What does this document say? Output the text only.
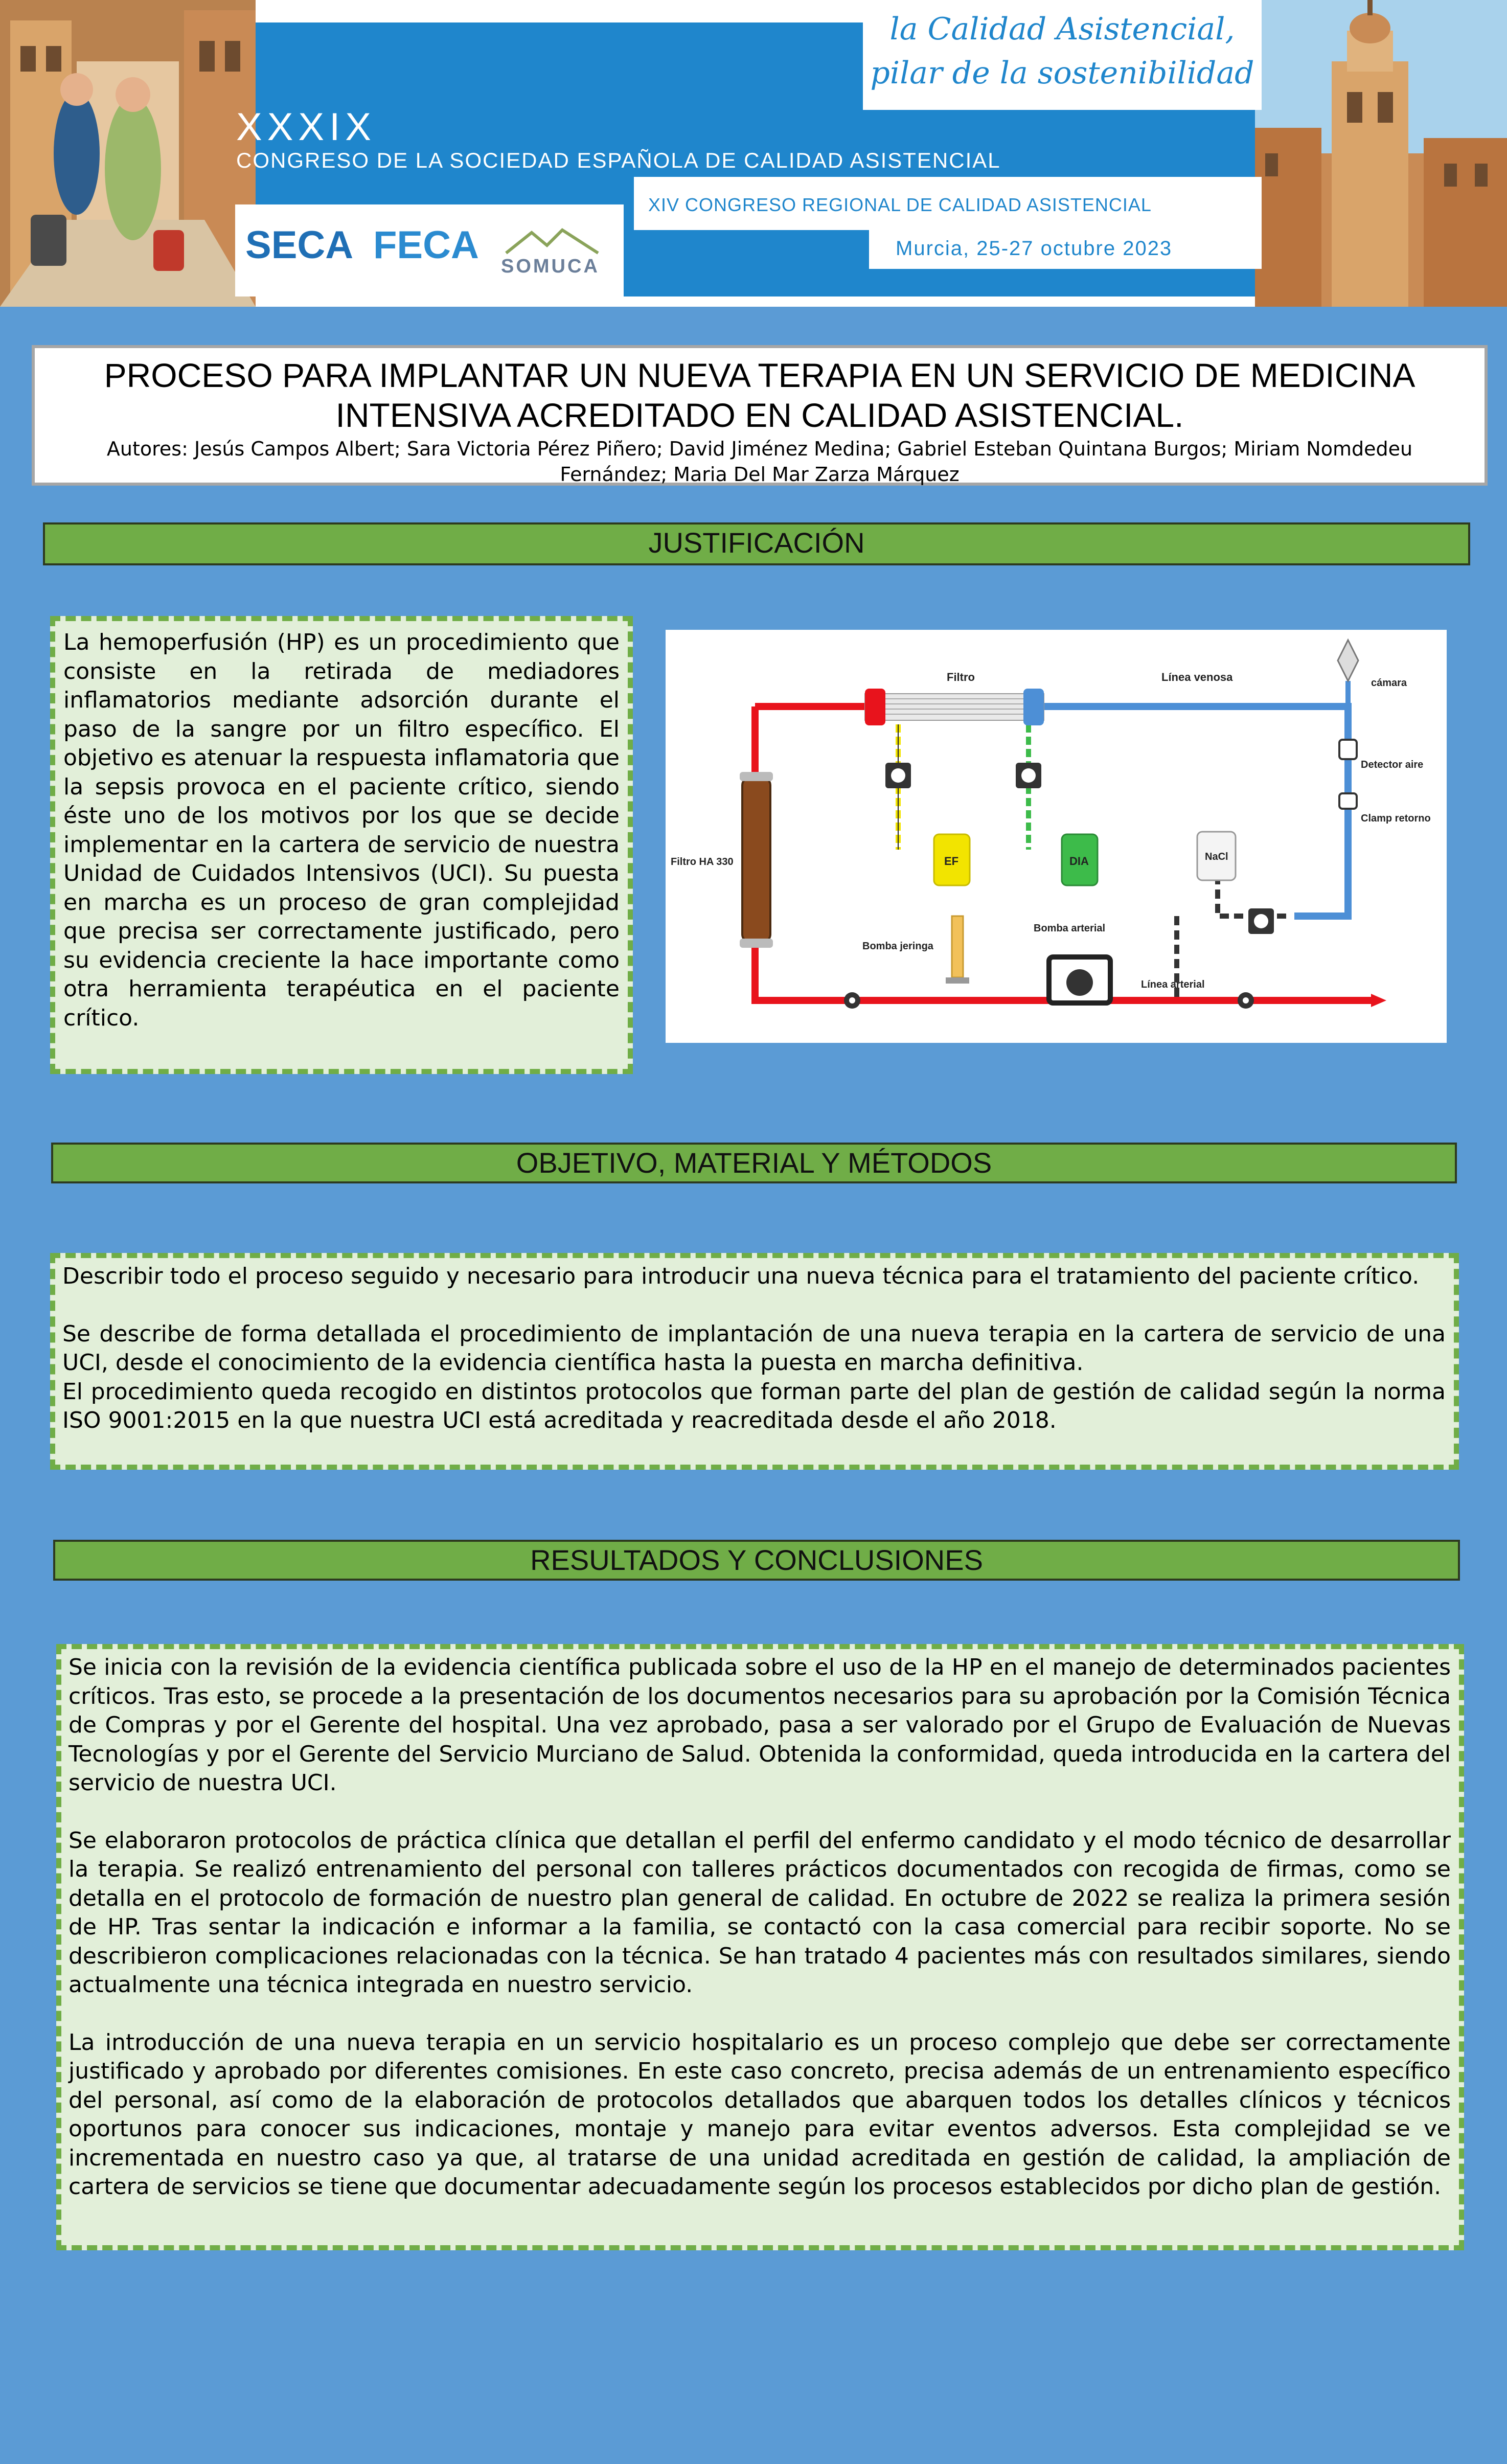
la Calidad Asistencial,
pilar de la sostenibilidad
XXXIX
CONGRESO DE LA SOCIEDAD ESPAÑOLA DE CALIDAD ASISTENCIAL
XIV CONGRESO REGIONAL DE CALIDAD ASISTENCIAL
Murcia, 25-27 octubre 2023
SECA FECA SOMUCA
PROCESO PARA IMPLANTAR UN NUEVA TERAPIA EN UN SERVICIO DE MEDICINA
INTENSIVA ACREDITADO EN CALIDAD ASISTENCIAL.
Autores: Jesús Campos Albert; Sara Victoria Pérez Piñero; David Jiménez Medina; Gabriel Esteban Quintana Burgos; Miriam Nomdedeu
Fernández; Maria Del Mar Zarza Márquez
JUSTIFICACIÓN

La hemoperfusión (HP) es un procedimiento que consiste en la retirada de mediadores inflamatorios mediante adsorción durante el paso de la sangre por un filtro específico. El objetivo es atenuar la respuesta inflamatoria que la sepsis provoca en el paciente crítico, siendo éste uno de los motivos por los que se decide implementar en la cartera de servicio de nuestra Unidad de Cuidados Intensivos (UCI). Su puesta en marcha es un proceso de gran complejidad que precisa ser correctamente justificado, pero su evidencia creciente la hace importante como otra herramienta terapéutica en el paciente crítico.

Filtro	Línea venosa	cámara
Detector aire
Clamp retorno
Filtro HA 330	EF	DIA	NaCl
Bomba jeringa
Bomba arterial
Línea arterial
OBJETIVO, MATERIAL Y MÉTODOS

Describir todo el proceso seguido y necesario para introducir una nueva técnica para el tratamiento del paciente crítico.

Se describe de forma detallada el procedimiento de implantación de una nueva terapia en la cartera de servicio de una UCI, desde el conocimiento de la evidencia científica hasta la puesta en marcha definitiva.

El procedimiento queda recogido en distintos protocolos que forman parte del plan de gestión de calidad según la norma ISO 9001:2015 en la que nuestra UCI está acreditada y reacreditada desde el año 2018.

RESULTADOS Y CONCLUSIONES

Se inicia con la revisión de la evidencia científica publicada sobre el uso de la HP en el manejo de determinados pacientes críticos. Tras esto, se procede a la presentación de los documentos necesarios para su aprobación por la Comisión Técnica de Compras y por el Gerente del hospital. Una vez aprobado, pasa a ser valorado por el Grupo de Evaluación de Nuevas Tecnologías y por el Gerente del Servicio Murciano de Salud. Obtenida la conformidad, queda introducida en la cartera del servicio de nuestra UCI.

Se elaboraron protocolos de práctica clínica que detallan el perfil del enfermo candidato y el modo técnico de desarrollar la terapia. Se realizó entrenamiento del personal con talleres prácticos documentados con recogida de firmas, como se detalla en el protocolo de formación de nuestro plan general de calidad. En octubre de 2022 se realiza la primera sesión de HP. Tras sentar la indicación e informar a la familia, se contactó con la casa comercial para recibir soporte. No se describieron complicaciones relacionadas con la técnica. Se han tratado 4 pacientes más con resultados similares, siendo actualmente una técnica integrada en nuestro servicio.

La introducción de una nueva terapia en un servicio hospitalario es un proceso complejo que debe ser correctamente justificado y aprobado por diferentes comisiones. En este caso concreto, precisa además de un entrenamiento específico del personal, así como de la elaboración de protocolos detallados que abarquen todos los detalles clínicos y técnicos oportunos para conocer sus indicaciones, montaje y manejo para evitar eventos adversos. Esta complejidad se ve incrementada en nuestro caso ya que, al tratarse de una unidad acreditada en gestión de calidad, la ampliación de cartera de servicios se tiene que documentar adecuadamente según los procesos establecidos por dicho plan de gestión.
